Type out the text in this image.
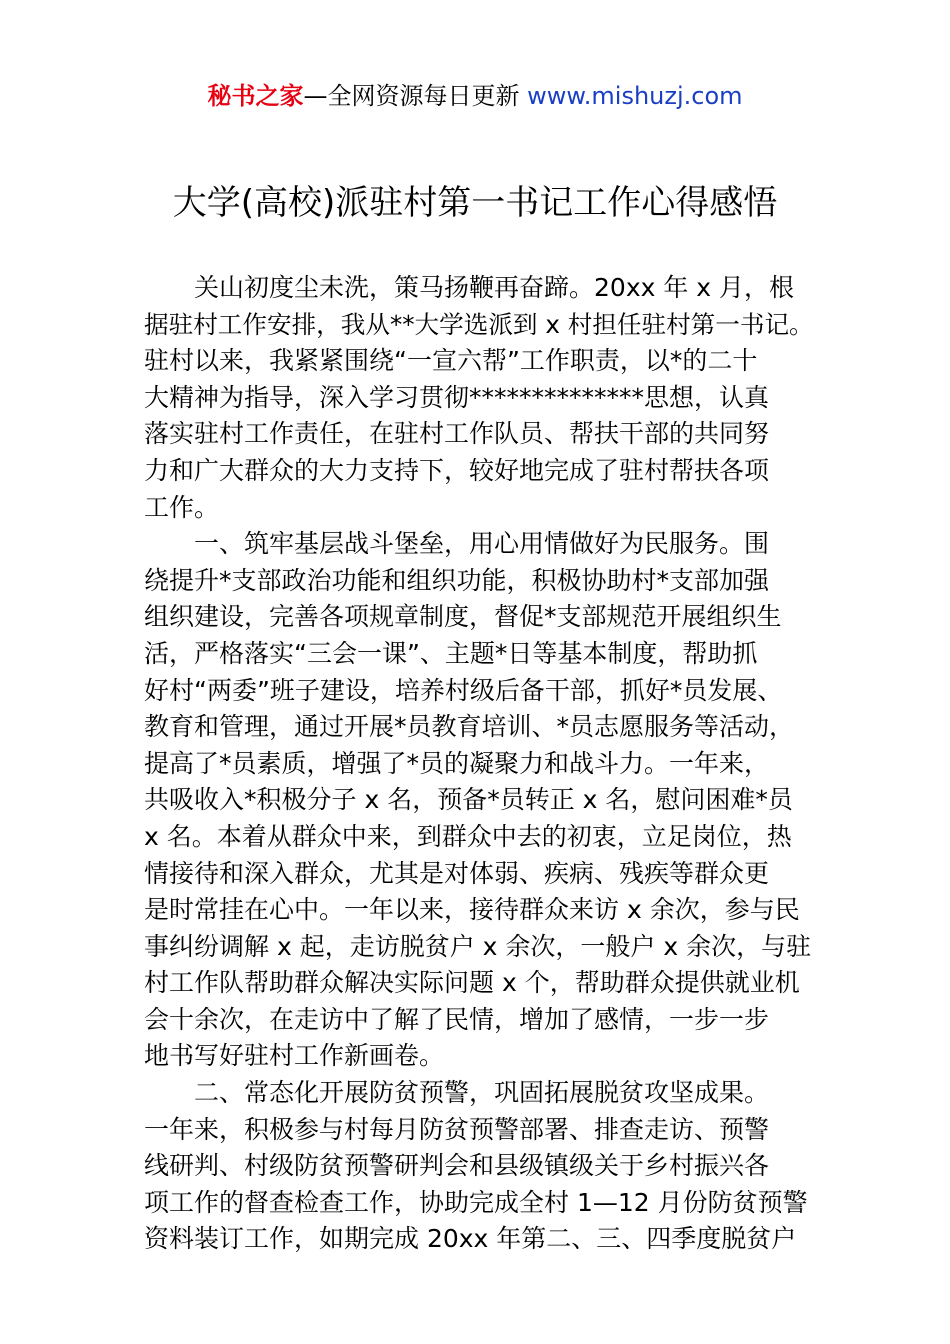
秘书之家—全网资源每日更新 www.mishuzj.com
大学(高校)派驻村第一书记工作心得感悟
关山初度尘未洗，策马扬鞭再奋蹄。20xx 年 x 月，根
据驻村工作安排，我从**大学选派到 x 村担任驻村第一书记。
驻村以来，我紧紧围绕“一宣六帮”工作职责，以*的二十
大精神为指导，深入学习贯彻**************思想，认真
落实驻村工作责任，在驻村工作队员、帮扶干部的共同努
力和广大群众的大力支持下，较好地完成了驻村帮扶各项
工作。
一、筑牢基层战斗堡垒，用心用情做好为民服务。围
绕提升*支部政治功能和组织功能，积极协助村*支部加强
组织建设，完善各项规章制度，督促*支部规范开展组织生
活，严格落实“三会一课”、主题*日等基本制度，帮助抓
好村“两委”班子建设，培养村级后备干部，抓好*员发展、
教育和管理，通过开展*员教育培训、*员志愿服务等活动，
提高了*员素质，增强了*员的凝聚力和战斗力。一年来，
共吸收入*积极分子 x 名，预备*员转正 x 名，慰问困难*员
x 名。本着从群众中来，到群众中去的初衷，立足岗位，热
情接待和深入群众，尤其是对体弱、疾病、残疾等群众更
是时常挂在心中。一年以来，接待群众来访 x 余次，参与民
事纠纷调解 x 起，走访脱贫户 x 余次，一般户 x 余次，与驻
村工作队帮助群众解决实际问题 x 个，帮助群众提供就业机
会十余次，在走访中了解了民情，增加了感情，一步一步
地书写好驻村工作新画卷。
二、常态化开展防贫预警，巩固拓展脱贫攻坚成果。
一年来，积极参与村每月防贫预警部署、排查走访、预警
线研判、村级防贫预警研判会和县级镇级关于乡村振兴各
项工作的督查检查工作，协助完成全村 1—12 月份防贫预警
资料装订工作，如期完成 20xx 年第二、三、四季度脱贫户
